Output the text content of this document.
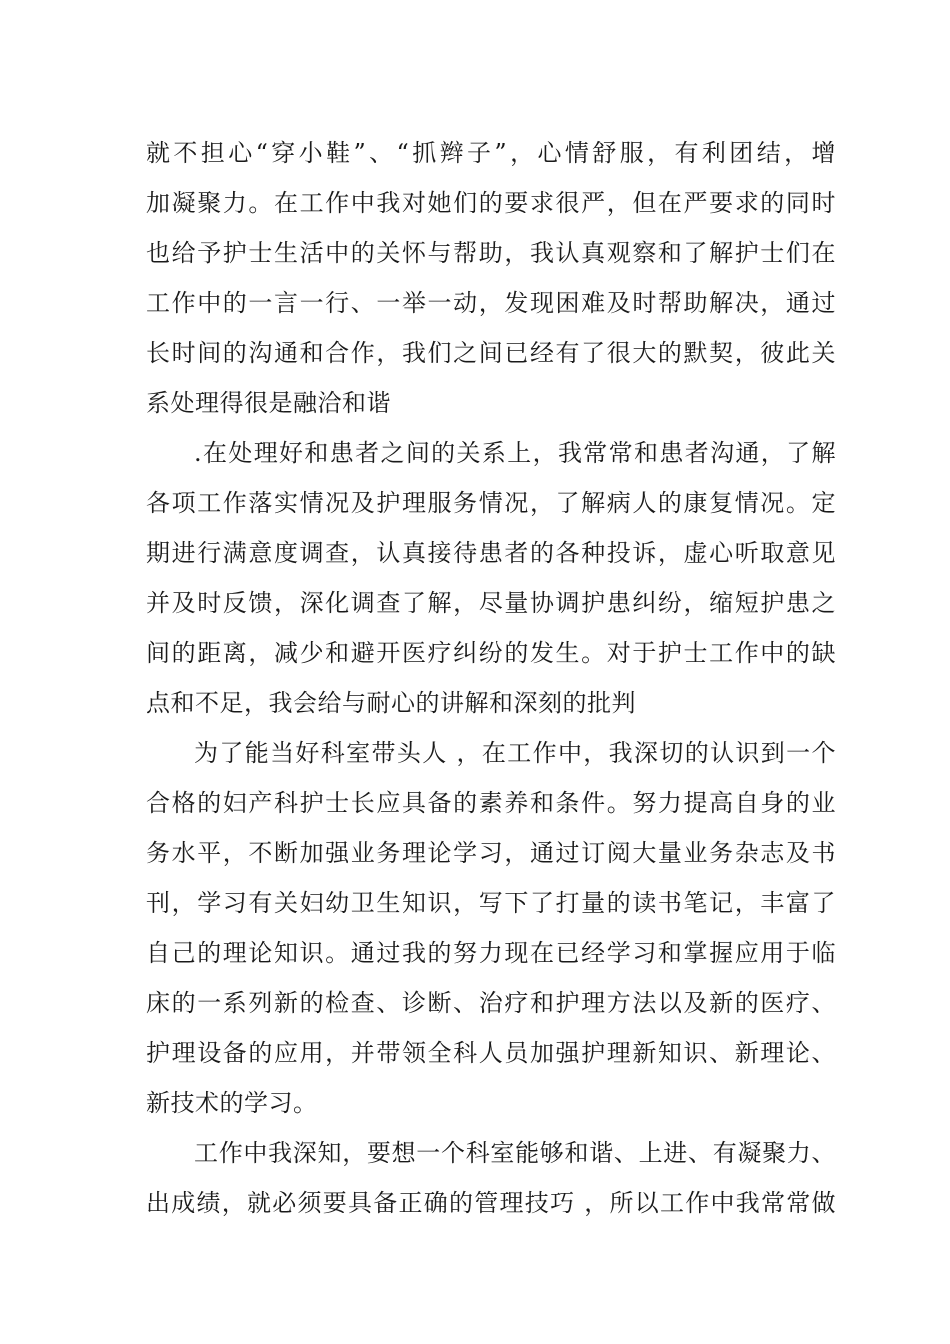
就不担心“穿小鞋”、“抓辫子”，心情舒服，有利团结，增
加凝聚力。在工作中我对她们的要求很严，但在严要求的同时
也给予护士生活中的关怀与帮助，我认真观察和了解护士们在
工作中的一言一行、一举一动，发现困难及时帮助解决，通过
长时间的沟通和合作，我们之间已经有了很大的默契，彼此关
系处理得很是融洽和谐
.在处理好和患者之间的关系上，我常常和患者沟通，了解
各项工作落实情况及护理服务情况，了解病人的康复情况。定
期进行满意度调查，认真接待患者的各种投诉，虚心听取意见
并及时反馈，深化调查了解，尽量协调护患纠纷，缩短护患之
间的距离，减少和避开医疗纠纷的发生。对于护士工作中的缺
点和不足，我会给与耐心的讲解和深刻的批判
为了能当好科室带头人 ，在工作中，我深切的认识到一个
合格的妇产科护士长应具备的素养和条件。努力提高自身的业
务水平，不断加强业务理论学习，通过订阅大量业务杂志及书
刊，学习有关妇幼卫生知识，写下了打量的读书笔记，丰富了
自己的理论知识。通过我的努力现在已经学习和掌握应用于临
床的一系列新的检查、诊断、治疗和护理方法以及新的医疗、
护理设备的应用，并带领全科人员加强护理新知识、新理论、
新技术的学习。
工作中我深知，要想一个科室能够和谐、上进、有凝聚力、
出成绩，就必须要具备正确的管理技巧 ，所以工作中我常常做
